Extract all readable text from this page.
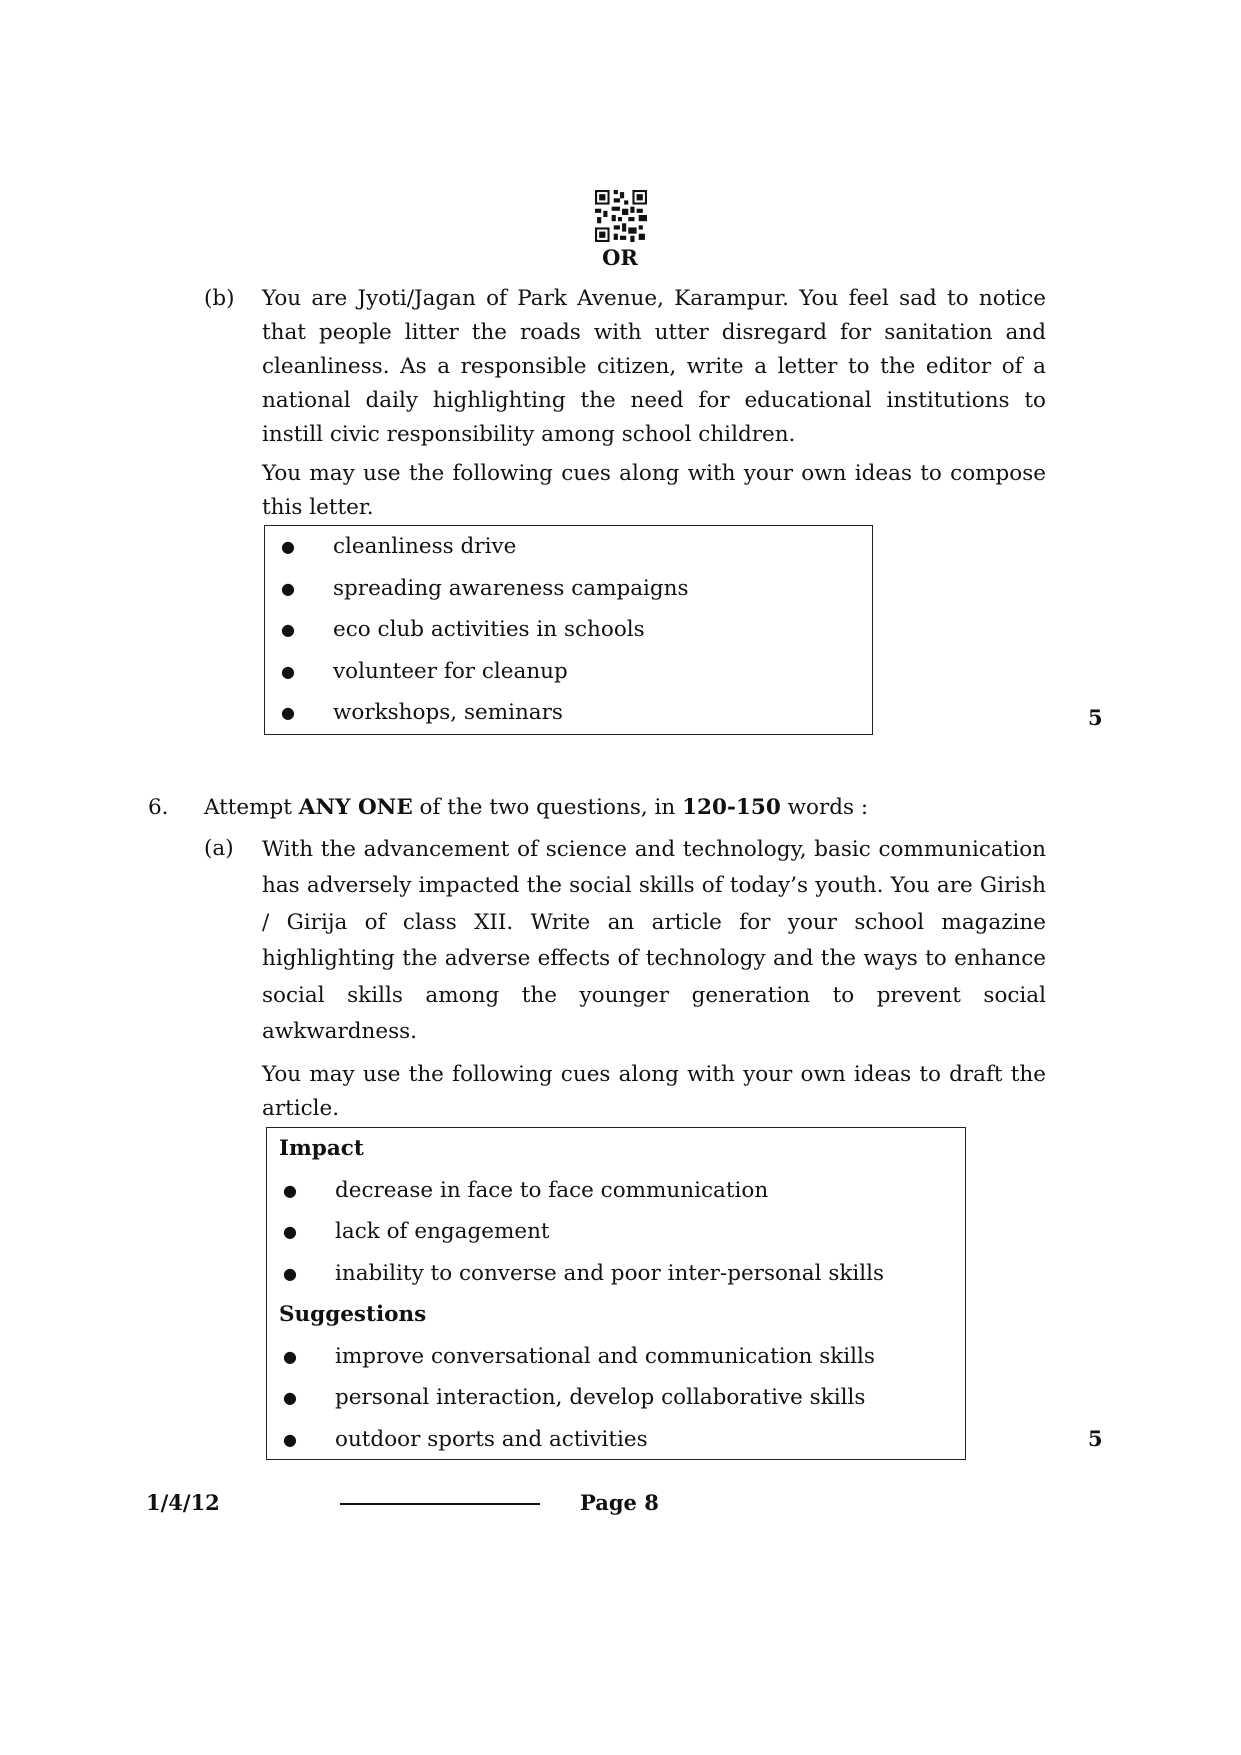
OR
(b) You are Jyoti/Jagan of Park Avenue, Karampur. You feel sad to notice that people litter the roads with utter disregard for sanitation and cleanliness. As a responsible citizen, write a letter to the editor of a national daily highlighting the need for educational institutions to instill civic responsibility among school children.
You may use the following cues along with your own ideas to compose this letter.
● cleanliness drive
● spreading awareness campaigns
● eco club activities in schools
● volunteer for cleanup
● workshops, seminars	5
6. Attempt ANY ONE of the two questions, in 120-150 words :
(a) With the advancement of science and technology, basic communication has adversely impacted the social skills of today’s youth. You are Girish / Girija of class XII. Write an article for your school magazine highlighting the adverse effects of technology and the ways to enhance social skills among the younger generation to prevent social awkwardness.
You may use the following cues along with your own ideas to draft the article.
Impact
● decrease in face to face communication
● lack of engagement
● inability to converse and poor inter-personal skills
Suggestions
● improve conversational and communication skills
● personal interaction, develop collaborative skills
● outdoor sports and activities	5
1/4/12	Page 8
